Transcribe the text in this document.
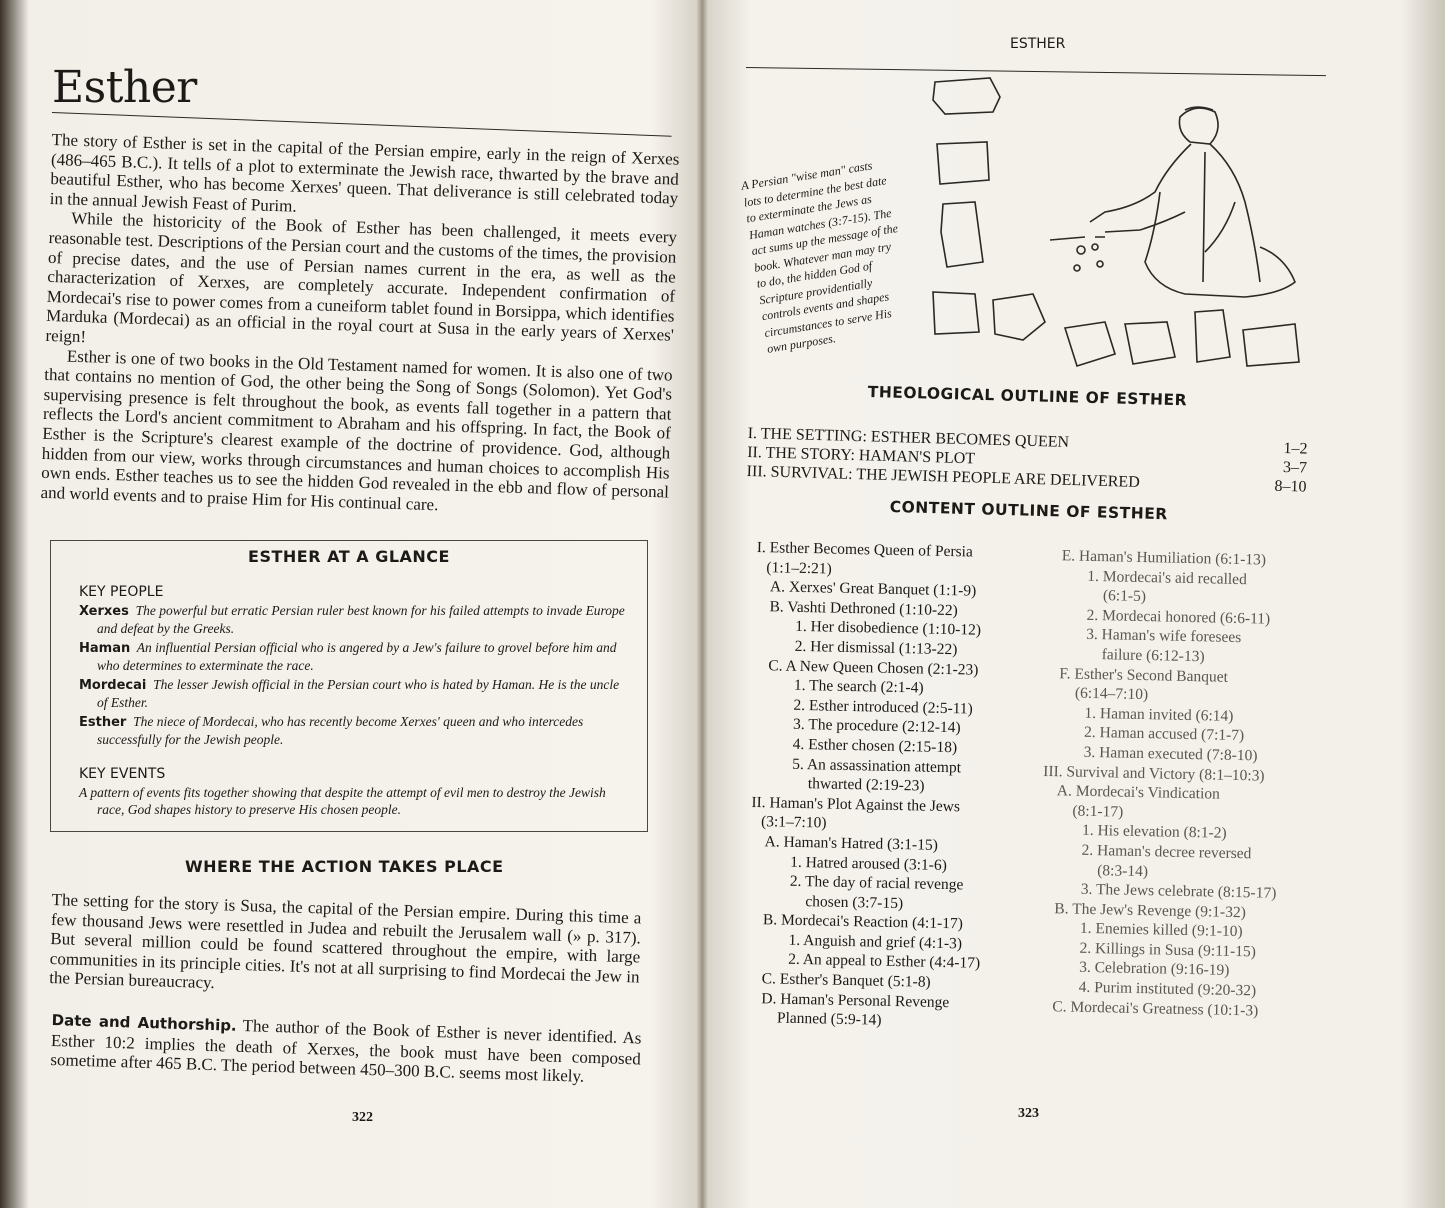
Esther

The story of Esther is set in the capital of the Persian empire, early in the reign of Xerxes (486–465 B.C.). It tells of a plot to exterminate the Jewish race, thwarted by the brave and beautiful Esther, who has become Xerxes' queen. That deliverance is still celebrated today in the annual Jewish Feast of Purim.

While the historicity of the Book of Esther has been challenged, it meets every reasonable test. Descriptions of the Persian court and the customs of the times, the provision of precise dates, and the use of Persian names current in the era, as well as the characterization of Xerxes, are completely accurate. Independent confirmation of Mordecai's rise to power comes from a cuneiform tablet found in Borsippa, which identifies Marduka (Mordecai) as an official in the royal court at Susa in the early years of Xerxes' reign!

Esther is one of two books in the Old Testament named for women. It is also one of two that contains no mention of God, the other being the Song of Songs (Solomon). Yet God's supervising presence is felt throughout the book, as events fall together in a pattern that reflects the Lord's ancient commitment to Abraham and his offspring. In fact, the Book of Esther is the Scripture's clearest example of the doctrine of providence. God, although hidden from our view, works through circumstances and human choices to accomplish His own ends. Esther teaches us to see the hidden God revealed in the ebb and flow of personal and world events and to praise Him for His continual care.

ESTHER AT A GLANCE
KEY PEOPLE
Xerxes The powerful but erratic Persian ruler best known for his failed attempts to invade Europe and defeat by the Greeks.
Haman An influential Persian official who is angered by a Jew's failure to grovel before him and who determines to exterminate the race.
Mordecai The lesser Jewish official in the Persian court who is hated by Haman. He is the uncle of Esther.
Esther The niece of Mordecai, who has recently become Xerxes' queen and who intercedes successfully for the Jewish people.
KEY EVENTS
A pattern of events fits together showing that despite the attempt of evil men to destroy the Jewish race, God shapes history to preserve His chosen people.
WHERE THE ACTION TAKES PLACE

The setting for the story is Susa, the capital of the Persian empire. During this time a few thousand Jews were resettled in Judea and rebuilt the Jerusalem wall (» p. 317). But several million could be found scattered throughout the empire, with large communities in its principle cities. It's not at all surprising to find Mordecai the Jew in the Persian bureaucracy.

Date and Authorship. The author of the Book of Esther is never identified. As Esther 10:2 implies the death of Xerxes, the book must have been composed sometime after 465 B.C. The period between 450–300 B.C. seems most likely.

322
ESTHER
A Persian "wise man" casts lots to determine the best date to exterminate the Jews as Haman watches (3:7-15). The act sums up the message of the book. Whatever man may try to do, the hidden God of Scripture providentially controls events and shapes circumstances to serve His own purposes.
THEOLOGICAL OUTLINE OF ESTHER
I. THE SETTING: ESTHER BECOMES QUEEN	1–2
II. THE STORY: HAMAN'S PLOT
3–7
III. SURVIVAL: THE JEWISH PEOPLE ARE DELIVERED	8–10
CONTENT OUTLINE OF ESTHER
I. Esther Becomes Queen of Persia
(1:1–2:21)
A. Xerxes' Great Banquet (1:1-9)
B. Vashti Dethroned (1:10-22)
1. Her disobedience (1:10-12)
2. Her dismissal (1:13-22)
C. A New Queen Chosen (2:1-23)
1. The search (2:1-4)
2. Esther introduced (2:5-11)
3. The procedure (2:12-14)
4. Esther chosen (2:15-18)
5. An assassination attempt
thwarted (2:19-23)
II. Haman's Plot Against the Jews
(3:1–7:10)
A. Haman's Hatred (3:1-15)
1. Hatred aroused (3:1-6)
2. The day of racial revenge
chosen (3:7-15)
B. Mordecai's Reaction (4:1-17)
1. Anguish and grief (4:1-3)
2. An appeal to Esther (4:4-17)
C. Esther's Banquet (5:1-8)
D. Haman's Personal Revenge
Planned (5:9-14)
E. Haman's Humiliation (6:1-13)
1. Mordecai's aid recalled
(6:1-5)
2. Mordecai honored (6:6-11)
3. Haman's wife foresees
failure (6:12-13)
F. Esther's Second Banquet
(6:14–7:10)
1. Haman invited (6:14)
2. Haman accused (7:1-7)
3. Haman executed (7:8-10)
III. Survival and Victory (8:1–10:3)
A. Mordecai's Vindication
(8:1-17)
1. His elevation (8:1-2)
2. Haman's decree reversed
(8:3-14)
3. The Jews celebrate (8:15-17)
B. The Jew's Revenge (9:1-32)
1. Enemies killed (9:1-10)
2. Killings in Susa (9:11-15)
3. Celebration (9:16-19)
4. Purim instituted (9:20-32)
C. Mordecai's Greatness (10:1-3)
323
